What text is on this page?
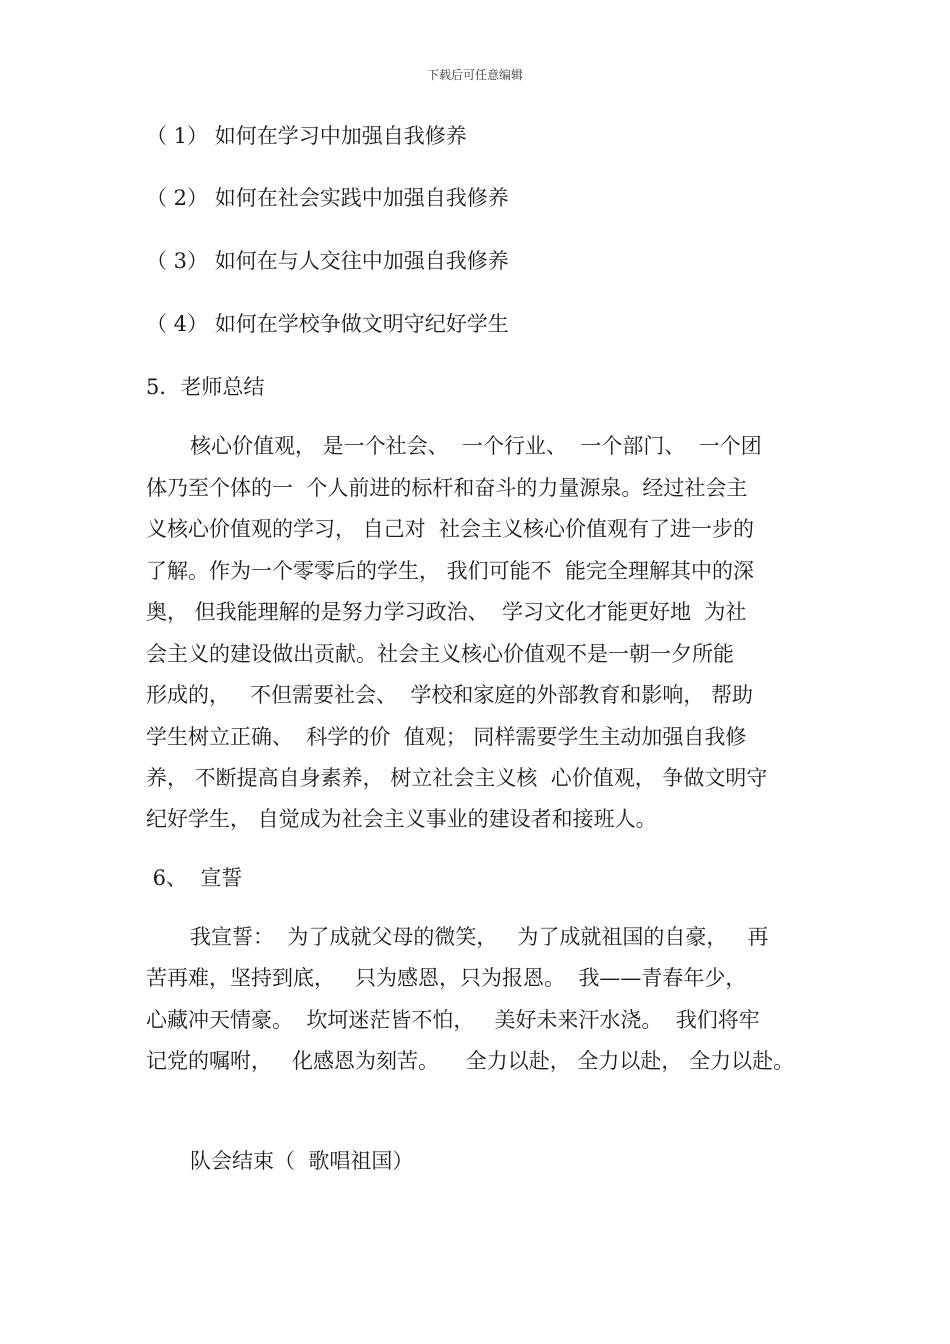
下载后可任意编辑
（ 1） 如何在学习中加强自我修养
（ 2） 如何在社会实践中加强自我修养
（ 3） 如何在与人交往中加强自我修养
（ 4） 如何在学校争做文明守纪好学生
5．老师总结
核心价值观， 是一个社会、  一个行业、  一个部门、  一个团
体乃至个体的一  个人前进的标杆和奋斗的力量源泉。经过社会主
义核心价值观的学习， 自己对  社会主义核心价值观有了进一步的
了解。作为一个零零后的学生， 我们可能不  能完全理解其中的深
奥， 但我能理解的是努力学习政治、  学习文化才能更好地  为社
会主义的建设做出贡献。社会主义核心价值观不是一朝一夕所能
形成的，   不但需要社会、  学校和家庭的外部教育和影响， 帮助
学生树立正确、  科学的价  值观； 同样需要学生主动加强自我修
养， 不断提高自身素养， 树立社会主义核  心价值观， 争做文明守
纪好学生， 自觉成为社会主义事业的建设者和接班人。
6、  宣誓
我宣誓：  为了成就父母的微笑，   为了成就祖国的自豪，   再
苦再难，坚持到底，   只为感恩，只为报恩。  我——青春年少，
心藏冲天情豪。  坎坷迷茫皆不怕，   美好未来汗水浇。  我们将牢
记党的嘱咐，   化感恩为刻苦。    全力以赴， 全力以赴， 全力以赴。
队会结束（  歌唱祖国）
